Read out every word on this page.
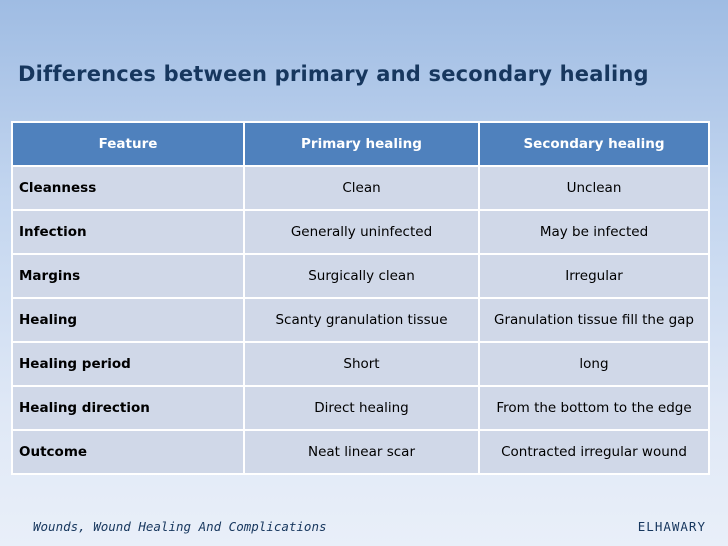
Differences between primary and secondary healing
Feature	Primary healing	Secondary healing
Cleanness	Clean	Unclean
Infection	Generally uninfected	May be infected
Margins	Surgically clean	Irregular
Healing	Scanty granulation tissue	Granulation tissue fill the gap
Healing period	Short	long
Healing direction	Direct healing	From the bottom to the edge
Outcome	Neat linear scar	Contracted irregular wound
Wounds, Wound Healing And Complications	ELHAWARY
